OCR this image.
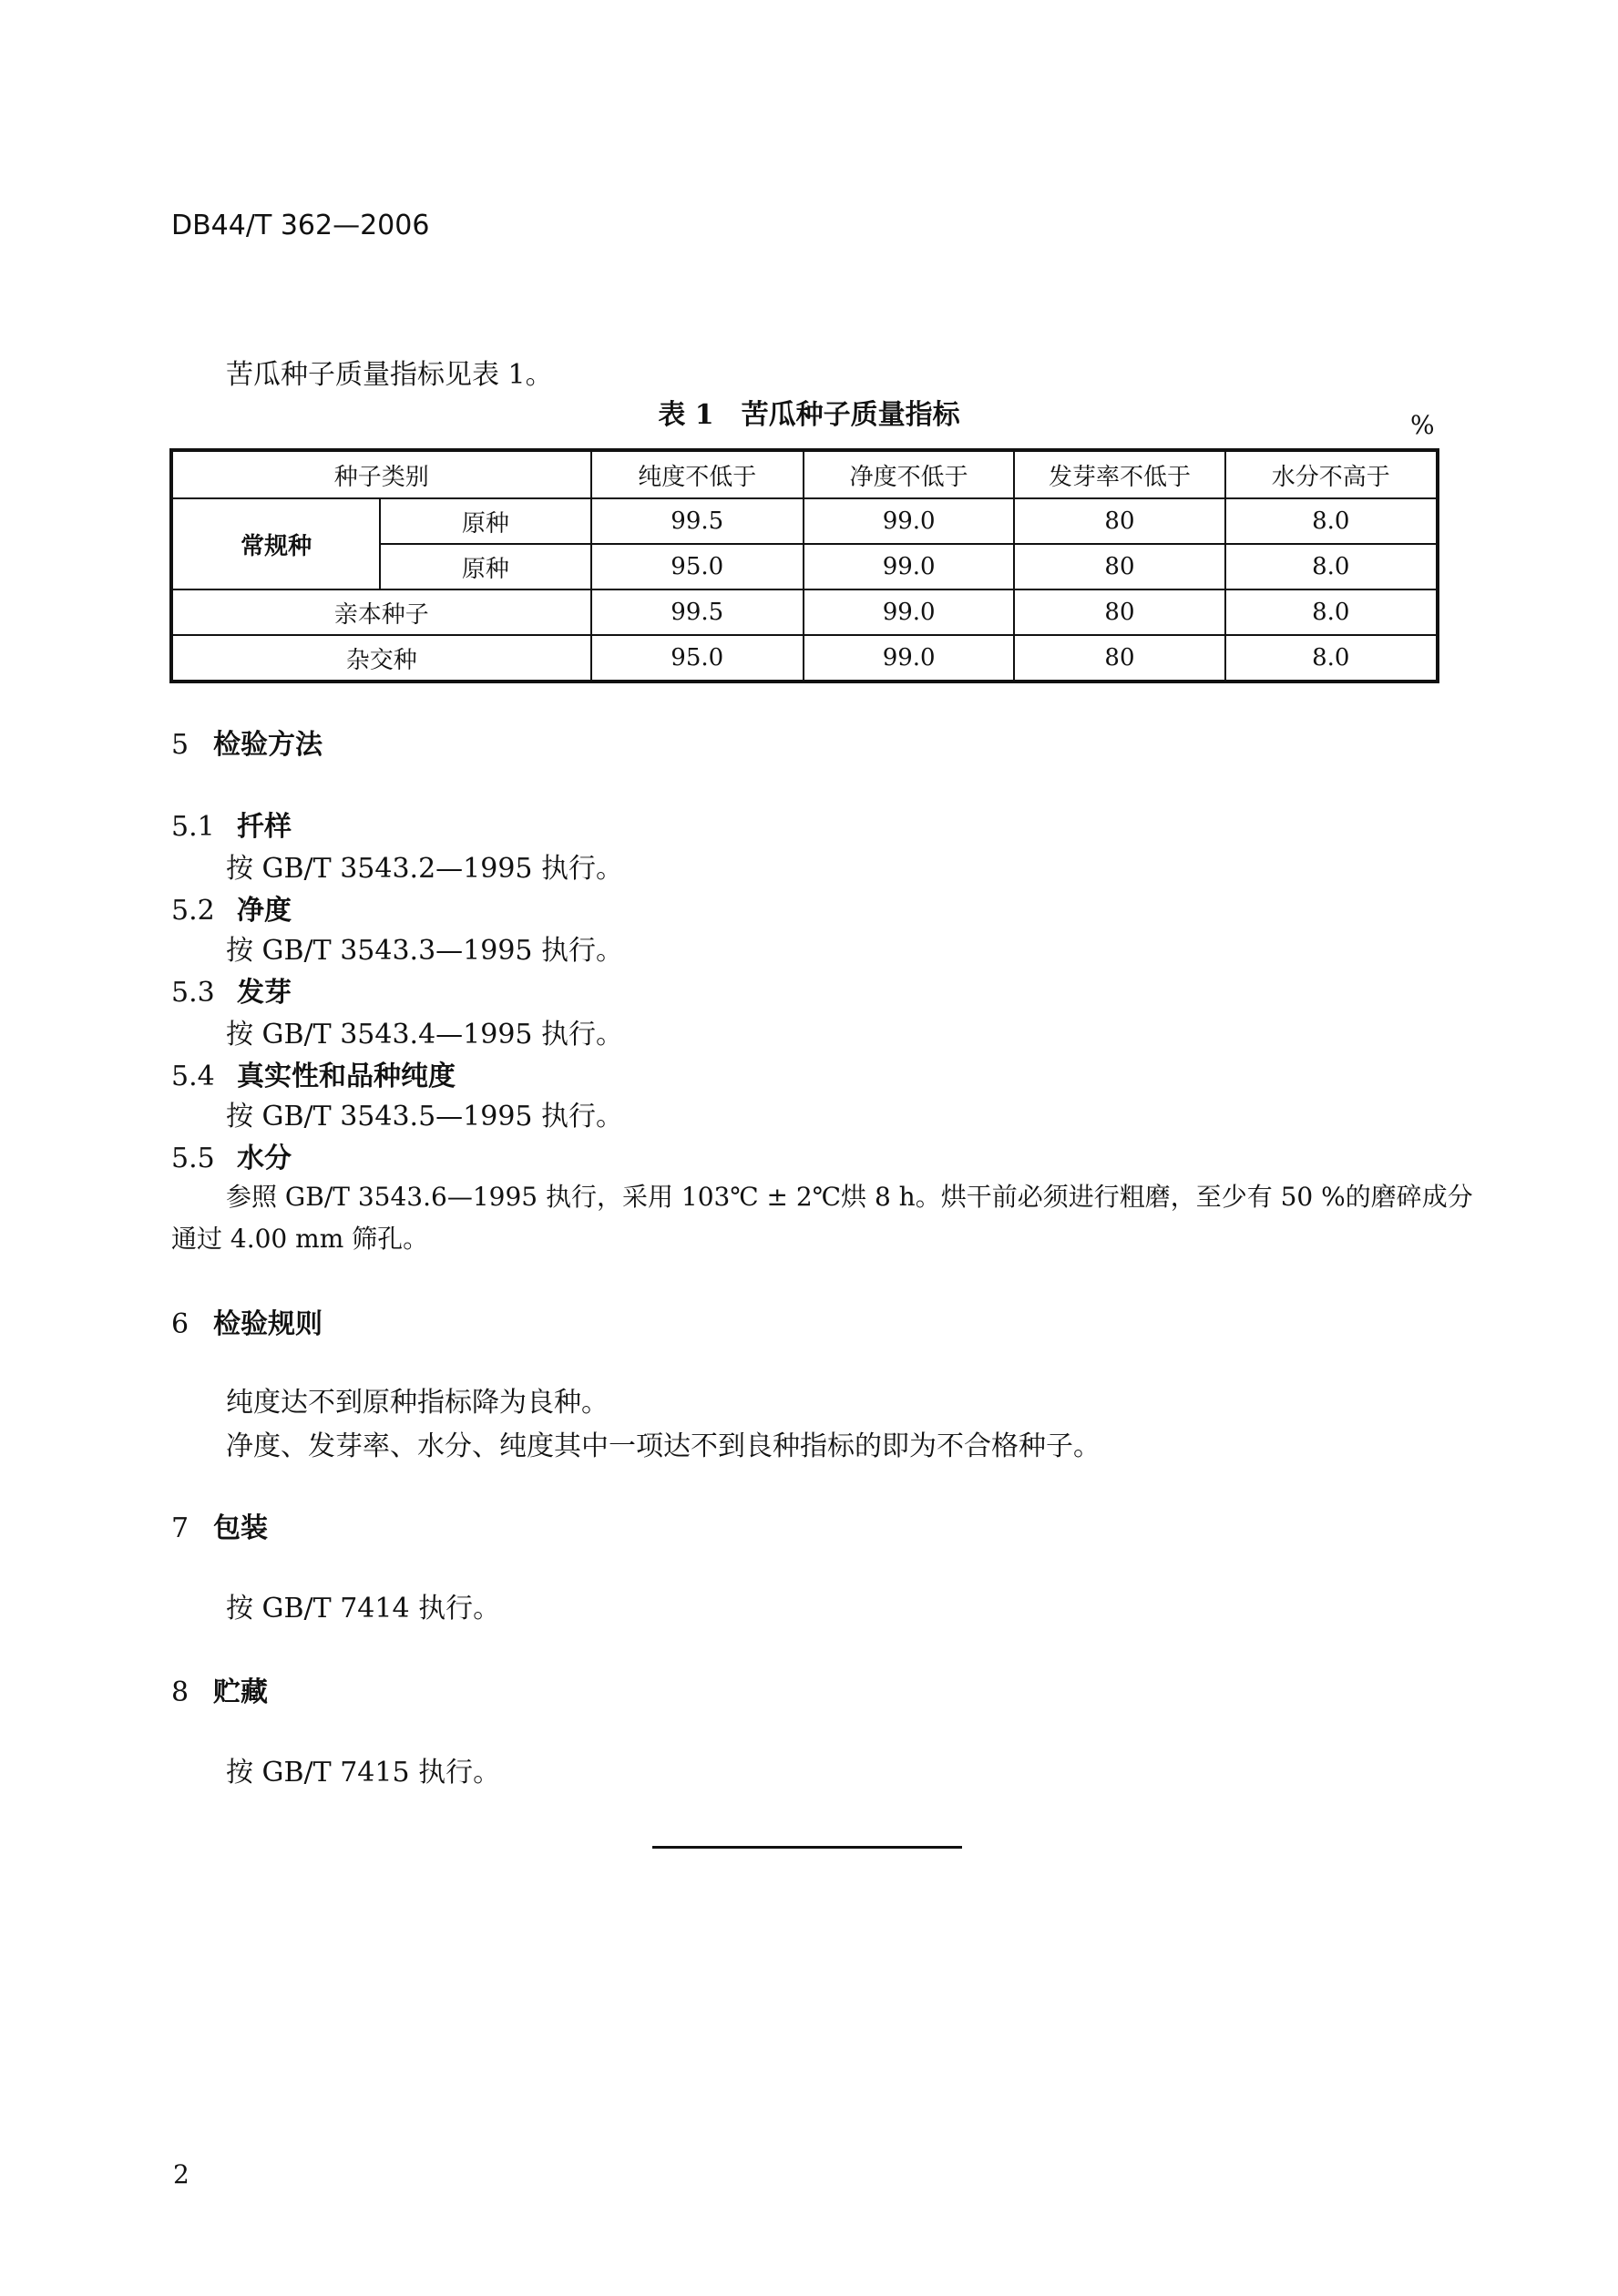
DB44/T 362—2006
苦瓜种子质量指标见表 1。
表 1 苦瓜种子质量指标	%
种子类别		纯度不低于	净度不低于	发芽率不低于	水分不高于
常规种	原种	99.5	99.0	80	8.0
	原种	95.0	99.0	80	8.0
亲本种子		99.5	99.0	80	8.0
杂交种		95.0	99.0	80	8.0
5 检验方法
5.1 扦样
按 GB/T 3543.2—1995 执行。
5.2 净度
按 GB/T 3543.3—1995 执行。
5.3 发芽
按 GB/T 3543.4—1995 执行。
5.4 真实性和品种纯度
按 GB/T 3543.5—1995 执行。
5.5 水分
参照 GB/T 3543.6—1995 执行，采用 103℃ ± 2℃烘 8 h。烘干前必须进行粗磨，至少有 50 %的磨碎成分
通过 4.00 mm 筛孔。
6 检验规则
纯度达不到原种指标降为良种。
净度、发芽率、水分、纯度其中一项达不到良种指标的即为不合格种子。
7 包装
按 GB/T 7414 执行。
8 贮藏
按 GB/T 7415 执行。
2
